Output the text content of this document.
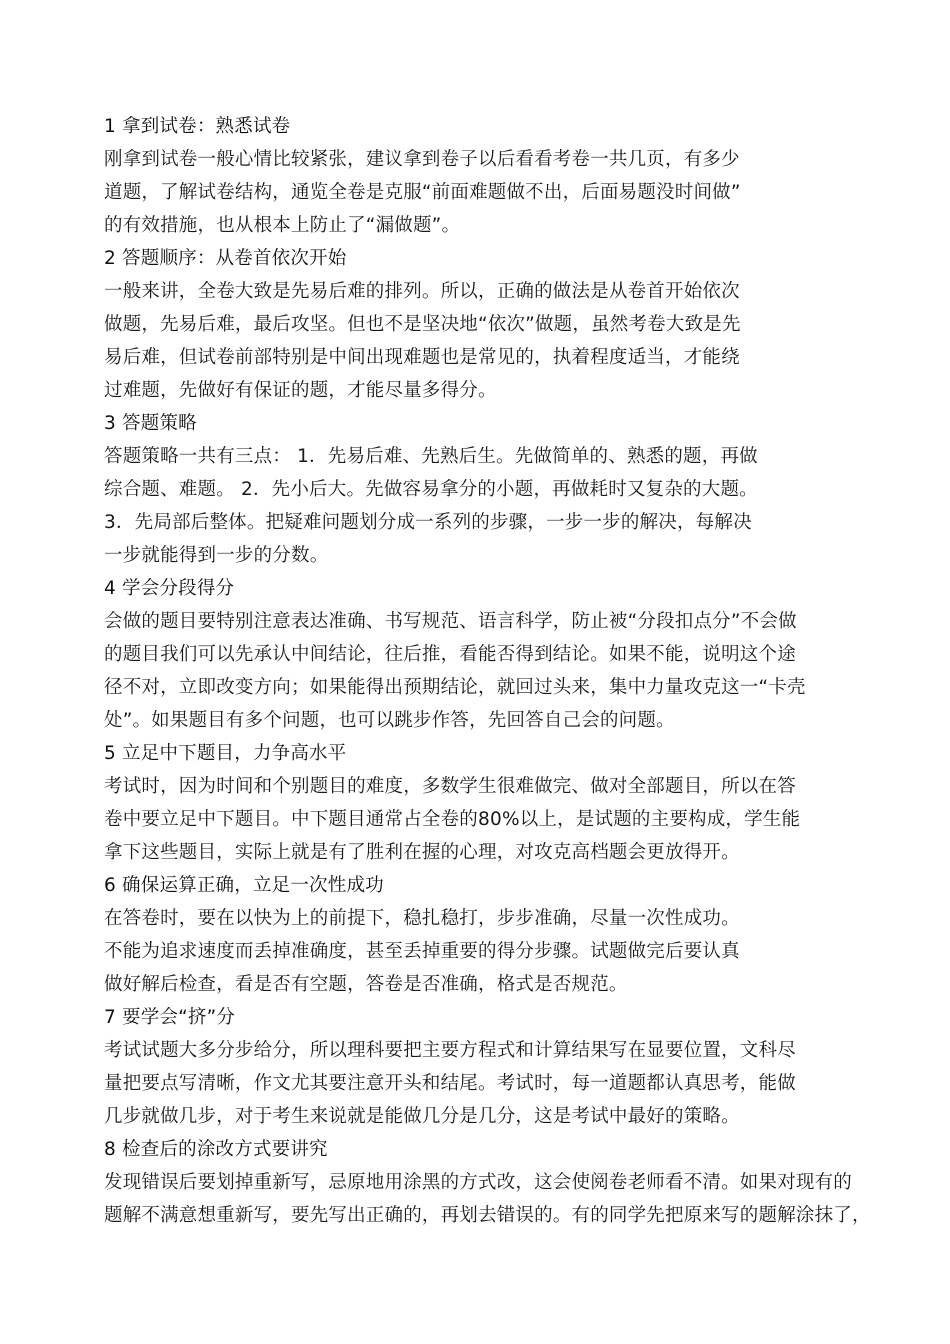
1 拿到试卷：熟悉试卷
刚拿到试卷一般心情比较紧张，建议拿到卷子以后看看考卷一共几页，有多少
道题，了解试卷结构，通览全卷是克服“前面难题做不出，后面易题没时间做”
的有效措施，也从根本上防止了“漏做题”。
2 答题顺序：从卷首依次开始
一般来讲，全卷大致是先易后难的排列。所以，正确的做法是从卷首开始依次
做题，先易后难，最后攻坚。但也不是坚决地“依次”做题，虽然考卷大致是先
易后难，但试卷前部特别是中间出现难题也是常见的，执着程度适当，才能绕
过难题，先做好有保证的题，才能尽量多得分。
3 答题策略
答题策略一共有三点： 1．先易后难、先熟后生。先做简单的、熟悉的题，再做
综合题、难题。 2．先小后大。先做容易拿分的小题，再做耗时又复杂的大题。
3．先局部后整体。把疑难问题划分成一系列的步骤，一步一步的解决，每解决
一步就能得到一步的分数。
4 学会分段得分
会做的题目要特别注意表达准确、书写规范、语言科学，防止被“分段扣点分”不会做
的题目我们可以先承认中间结论，往后推，看能否得到结论。如果不能，说明这个途
径不对，立即改变方向；如果能得出预期结论，就回过头来，集中力量攻克这一“卡壳
处”。如果题目有多个问题，也可以跳步作答，先回答自己会的问题。
5 立足中下题目，力争高水平
考试时，因为时间和个别题目的难度，多数学生很难做完、做对全部题目，所以在答
卷中要立足中下题目。中下题目通常占全卷的80%以上，是试题的主要构成，学生能
拿下这些题目，实际上就是有了胜利在握的心理，对攻克高档题会更放得开。
6 确保运算正确，立足一次性成功
在答卷时，要在以快为上的前提下，稳扎稳打，步步准确，尽量一次性成功。
不能为追求速度而丢掉准确度，甚至丢掉重要的得分步骤。试题做完后要认真
做好解后检查，看是否有空题，答卷是否准确，格式是否规范。
7 要学会“挤”分
考试试题大多分步给分，所以理科要把主要方程式和计算结果写在显要位置，文科尽
量把要点写清晰，作文尤其要注意开头和结尾。考试时，每一道题都认真思考，能做
几步就做几步，对于考生来说就是能做几分是几分，这是考试中最好的策略。
8 检查后的涂改方式要讲究
发现错误后要划掉重新写，忌原地用涂黑的方式改，这会使阅卷老师看不清。如果对现有的
题解不满意想重新写，要先写出正确的，再划去错误的。有的同学先把原来写的题解涂抹了，
